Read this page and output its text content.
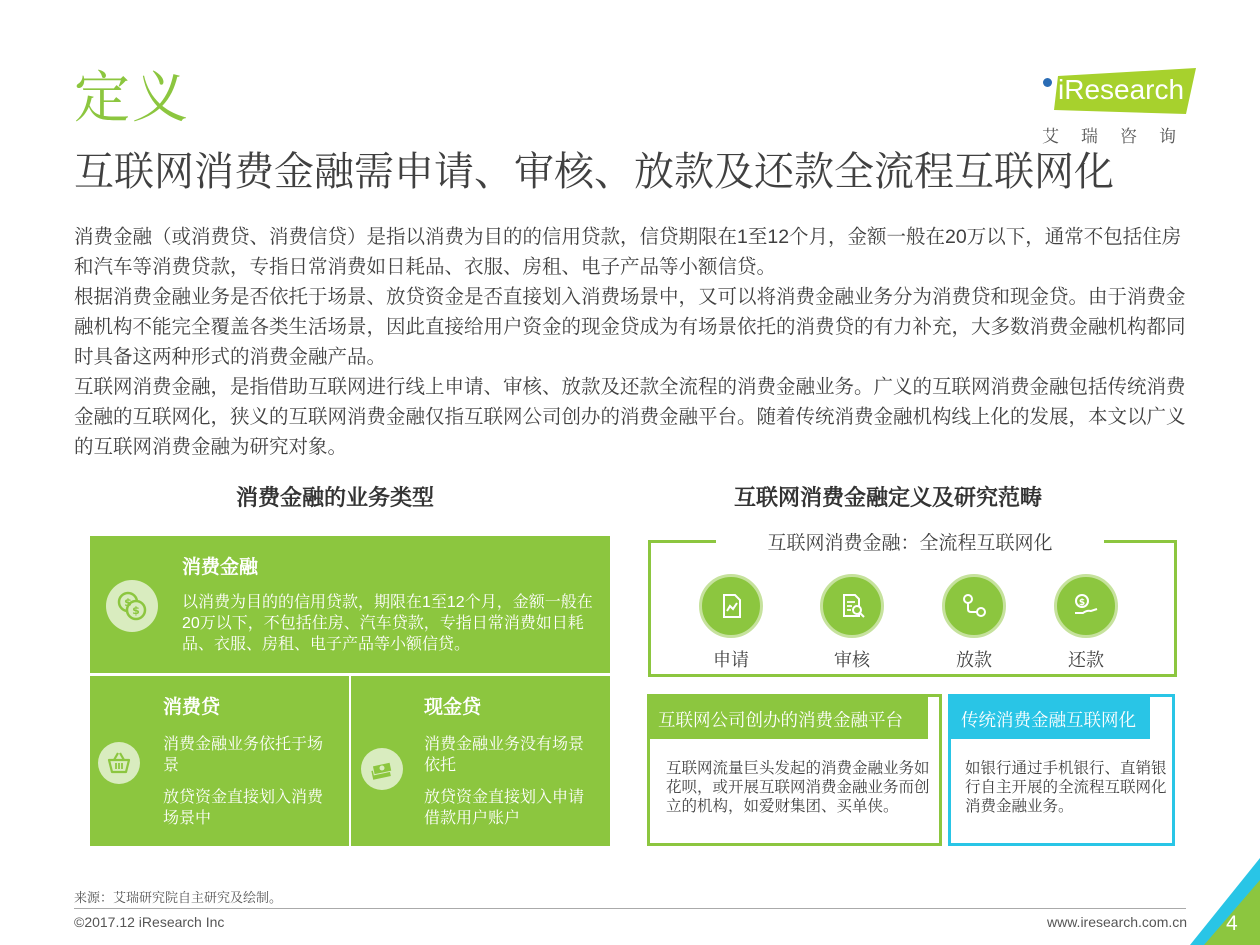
定义	iResearch
艾瑞咨询
互联网消费金融需申请、审核、放款及还款全流程互联网化
消费金融（或消费贷、消费信贷）是指以消费为目的的信用贷款，信贷期限在1至12个月，金额一般在20万以下，通常不包括住房和汽车等消费贷款，专指日常消费如日耗品、衣服、房租、电子产品等小额信贷。
根据消费金融业务是否依托于场景、放贷资金是否直接划入消费场景中，又可以将消费金融业务分为消费贷和现金贷。由于消费金融机构不能完全覆盖各类生活场景，因此直接给用户资金的现金贷成为有场景依托的消费贷的有力补充，大多数消费金融机构都同时具备这两种形式的消费金融产品。
互联网消费金融，是指借助互联网进行线上申请、审核、放款及还款全流程的消费金融业务。广义的互联网消费金融包括传统消费金融的互联网化，狭义的互联网消费金融仅指互联网公司创办的消费金融平台。随着传统消费金融机构线上化的发展，本文以广义的互联网消费金融为研究对象。
消费金融的业务类型
$
$
消费金融
以消费为目的的信用贷款，期限在1至12个月，金额一般在20万以下，不包括住房、汽车贷款，专指日常消费如日耗品、衣服、房租、电子产品等小额信贷。
消费贷
消费金融业务依托于场景
放贷资金直接划入消费场景中
现金贷
消费金融业务没有场景依托
放贷资金直接划入申请借款用户账户
互联网消费金融定义及研究范畴
互联网消费金融：全流程互联网化
申请	审核	放款
$
还款
互联网公司创办的消费金融平台
互联网流量巨头发起的消费金融业务如花呗，或开展互联网消费金融业务而创立的机构，如爱财集团、买单侠。
传统消费金融互联网化
如银行通过手机银行、直销银行自主开展的全流程互联网化消费金融业务。
来源：艾瑞研究院自主研究及绘制。
©2017.12 iResearch Inc	www.iresearch.com.cn 4
